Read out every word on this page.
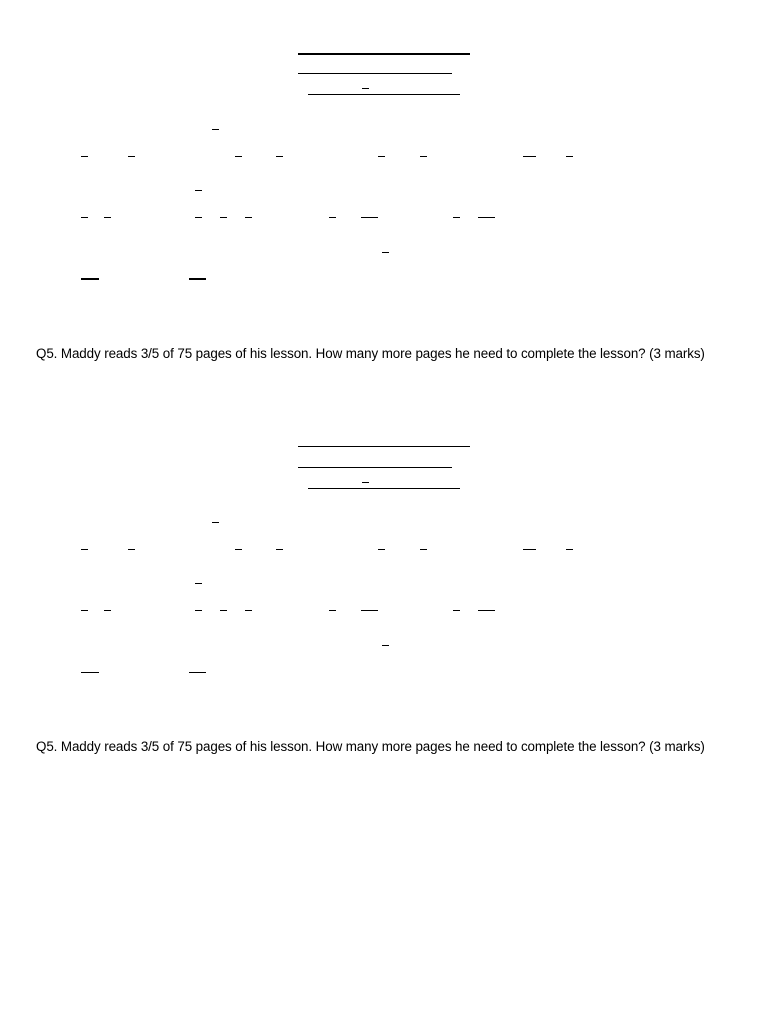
Q5. Maddy reads 3/5 of 75 pages of his lesson. How many more pages he need to complete the lesson? (3 marks)
Q5. Maddy reads 3/5 of 75 pages of his lesson. How many more pages he need to complete the lesson? (3 marks)
